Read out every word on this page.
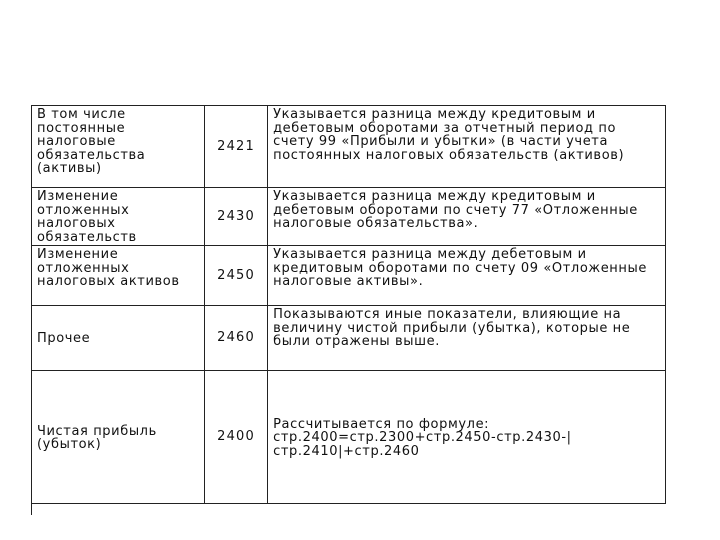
В том числе постоянные налоговые обязательства (активы)	2421	Указывается разница между кредитовым и дебетовым оборотами за отчетный период по счету 99 «Прибыли и убытки» (в части учета постоянных налоговых обязательств (активов)
Изменение отложенных налоговых обязательств	2430	Указывается разница между кредитовым и дебетовым оборотами по счету 77 «Отложенные налоговые обязательства».
Изменение отложенных налоговых активов	2450	Указывается разница между дебетовым и кредитовым оборотами по счету 09 «Отложенные налоговые активы».
Прочее	2460	Показываются иные показатели, влияющие на величину чистой прибыли (убытка), которые не были отражены выше.
Чистая прибыль (убыток)	2400	Рассчитывается по формуле: стр.2400=стр.2300+стр.2450-стр.2430-|стр.2410|+стр.2460
